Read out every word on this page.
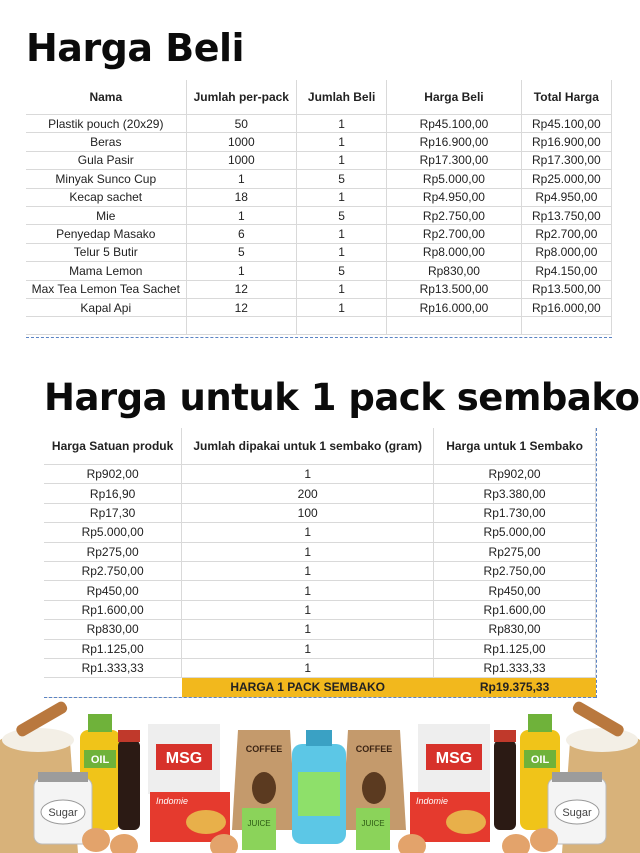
Harga Beli
Nama	Jumlah per-pack	Jumlah Beli	Harga Beli	Total Harga
Plastik pouch (20x29)	50	1	Rp45.100,00	Rp45.100,00
Beras	1000	1	Rp16.900,00	Rp16.900,00
Gula Pasir	1000	1	Rp17.300,00	Rp17.300,00
Minyak Sunco Cup	1	5	Rp5.000,00	Rp25.000,00
Kecap sachet	18	1	Rp4.950,00	Rp4.950,00
Mie	1	5	Rp2.750,00	Rp13.750,00
Penyedap Masako	6	1	Rp2.700,00	Rp2.700,00
Telur 5 Butir	5	1	Rp8.000,00	Rp8.000,00
Mama Lemon	1	5	Rp830,00	Rp4.150,00
Max Tea Lemon Tea Sachet	12	1	Rp13.500,00	Rp13.500,00
Kapal Api	12	1	Rp16.000,00	Rp16.000,00

Harga untuk 1 pack sembako
Harga Satuan produk	Jumlah dipakai untuk 1 sembako (gram)	Harga untuk 1 Sembako
Rp902,00	1	Rp902,00
Rp16,90	200	Rp3.380,00
Rp17,30	100	Rp1.730,00
Rp5.000,00	1	Rp5.000,00
Rp275,00	1	Rp275,00
Rp2.750,00	1	Rp2.750,00
Rp450,00	1	Rp450,00
Rp1.600,00	1	Rp1.600,00
Rp830,00	1	Rp830,00
Rp1.125,00	1	Rp1.125,00
Rp1.333,33	1	Rp1.333,33
	HARGA 1 PACK SEMBAKO	Rp19.375,33
OIL	OIL
MSG	MSG
COFFEE	COFFEE
Sugar	Sugar
Indomie	Indomie
JUICE	JUICE
